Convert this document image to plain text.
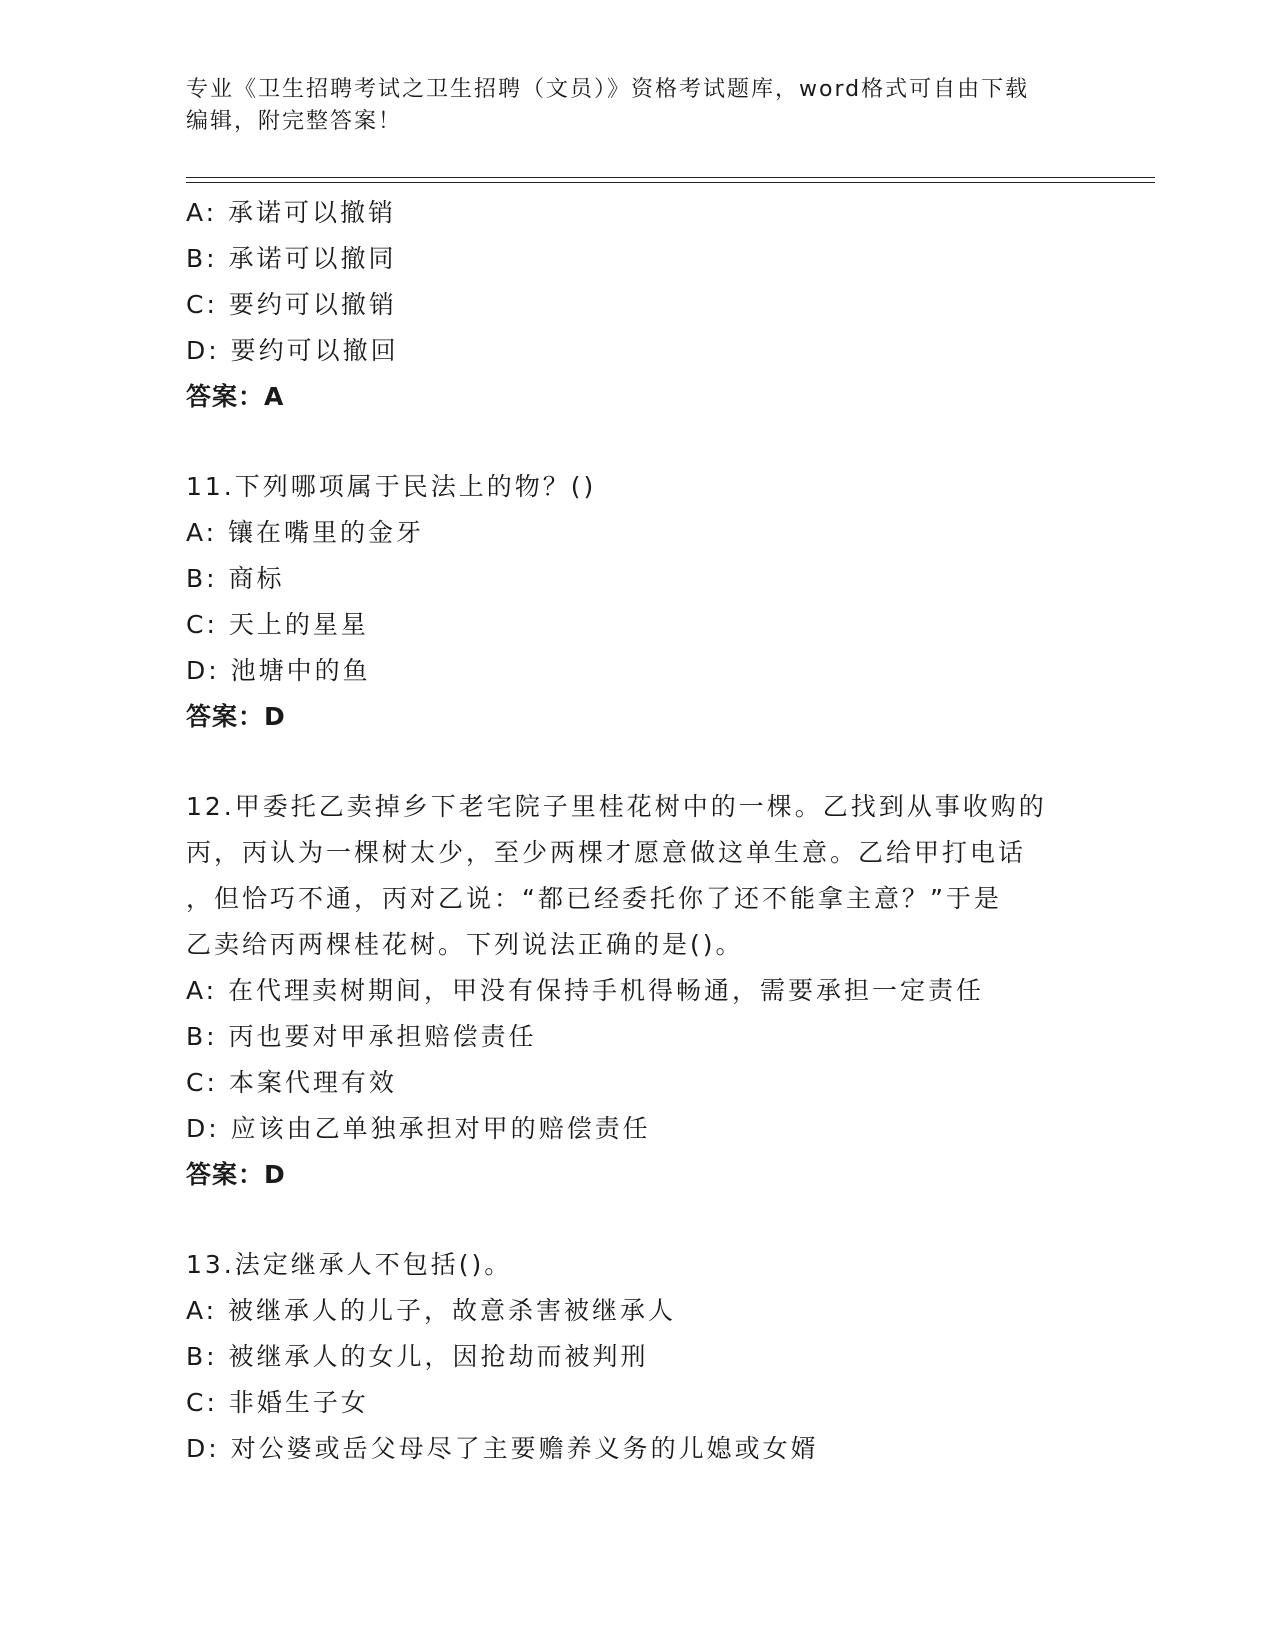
专业《卫生招聘考试之卫生招聘（文员）》资格考试题库，word格式可自由下载
编辑，附完整答案！
A: 承诺可以撤销
B: 承诺可以撤同
C: 要约可以撤销
D: 要约可以撤回
答案：A
11.下列哪项属于民法上的物？()
A: 镶在嘴里的金牙
B: 商标
C: 天上的星星
D: 池塘中的鱼
答案：D
12.甲委托乙卖掉乡下老宅院子里桂花树中的一棵。乙找到从事收购的
丙，丙认为一棵树太少，至少两棵才愿意做这单生意。乙给甲打电话
，但恰巧不通，丙对乙说：“都已经委托你了还不能拿主意？”于是
乙卖给丙两棵桂花树。下列说法正确的是()。
A: 在代理卖树期间，甲没有保持手机得畅通，需要承担一定责任
B: 丙也要对甲承担赔偿责任
C: 本案代理有效
D: 应该由乙单独承担对甲的赔偿责任
答案：D
13.法定继承人不包括()。
A: 被继承人的儿子，故意杀害被继承人
B: 被继承人的女儿，因抢劫而被判刑
C: 非婚生子女
D: 对公婆或岳父母尽了主要赡养义务的儿媳或女婿
